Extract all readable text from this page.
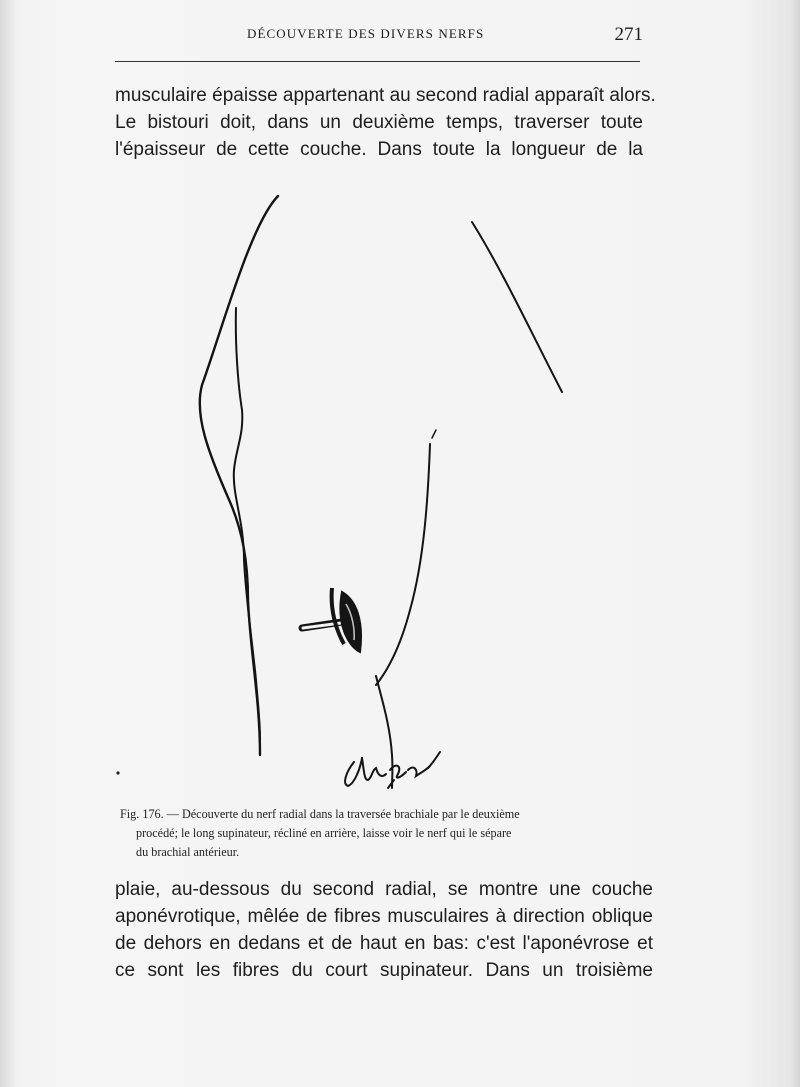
DÉCOUVERTE DES DIVERS NERFS	271
musculaire épaisse appartenant au second radial apparaît alors.
Le bistouri doit, dans un deuxième temps, traverser toute
l'épaisseur de cette couche. Dans toute la longueur de la
Fig. 176. — Découverte du nerf radial dans la traversée brachiale par le deuxième
procédé; le long supinateur, récliné en arrière, laisse voir le nerf qui le sépare
du brachial antérieur.
plaie, au-dessous du second radial, se montre une couche
aponévrotique, mêlée de fibres musculaires à direction oblique
de dehors en dedans et de haut en bas: c'est l'aponévrose et
ce sont les fibres du court supinateur. Dans un troisième
